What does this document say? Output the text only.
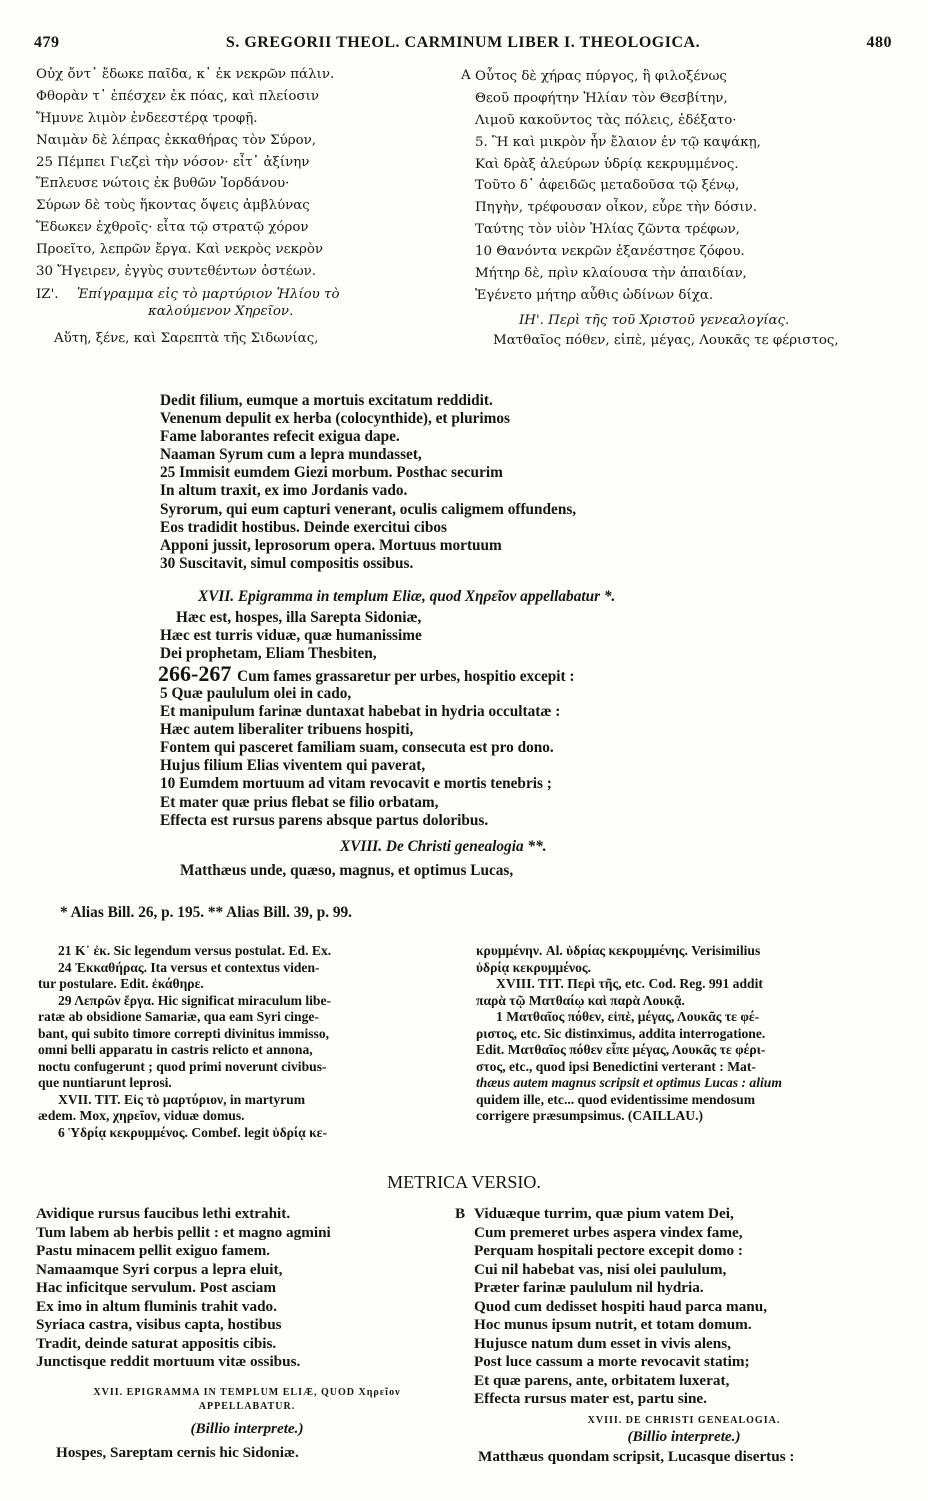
479	S. GREGORII THEOL. CARMINUM LIBER I. THEOLOGICA.	480
Οὐχ ὄντ᾽ ἔδωκε παῖδα, κ᾽ ἐκ νεκρῶν πάλιν.
Φθορὰν τ᾽ ἐπέσχεν ἐκ πόας, καὶ πλείοσιν
Ἤμυνε λιμὸν ἐνδεεστέρᾳ τροφῇ.
Ναιμὰν δὲ λέπρας ἐκκαθήρας τὸν Σύρον,
25 Πέμπει Γιεζεὶ τὴν νόσον· εἶτ᾽ ἀξίνην
Ἔπλευσε νώτοις ἐκ βυθῶν Ἰορδάνου·
Σύρων δὲ τοὺς ἥκοντας ὄψεις ἀμβλύνας
Ἔδωκεν ἐχθροῖς· εἶτα τῷ στρατῷ χόρον
Προεῖτο, λεπρῶν ἔργα. Καὶ νεκρὸς νεκρὸν
30 Ἤγειρεν, ἐγγὺς συντεθέντων ὀστέων.
ΙΖ'. Ἐπίγραμμα εἰς τὸ μαρτύριον Ἡλίου τὸ
καλούμενον Χηρεῖον.
Αὕτη, ξένε, καὶ Σαρεπτὰ τῆς Σιδωνίας,
A Οὗτος δὲ χήρας πύργος, ἣ φιλοξένως
Θεοῦ προφήτην Ἠλίαν τὸν Θεσβίτην,
Λιμοῦ κακοῦντος τὰς πόλεις, ἐδέξατο·
5. Ἣ καὶ μικρὸν ἦν ἔλαιον ἐν τῷ καψάκῃ,
Καὶ δρὰξ ἀλεύρων ὑδρίᾳ κεκρυμμένος.
Τοῦτο δ᾽ ἀφειδῶς μεταδοῦσα τῷ ξένῳ,
Πηγὴν, τρέφουσαν οἶκον, εὗρε τὴν δόσιν.
Ταύτης τὸν υἱὸν Ἠλίας ζῶντα τρέφων,
10 Θανόντα νεκρῶν ἐξανέστησε ζόφου.
Μήτηρ δὲ, πρὶν κλαίουσα τὴν ἀπαιδίαν,
Ἐγένετο μήτηρ αὖθις ὠδίνων δίχα.
ΙΗ'. Περὶ τῆς τοῦ Χριστοῦ γενεαλογίας.
Ματθαῖος πόθεν, εἰπὲ, μέγας, Λουκᾶς τε φέριστος,
Dedit filium, eumque a mortuis excitatum reddidit.
Venenum depulit ex herba (colocynthide), et plurimos
Fame laborantes refecit exigua dape.
Naaman Syrum cum a lepra mundasset,
25 Immisit eumdem Giezi morbum. Posthac securim
In altum traxit, ex imo Jordanis vado.
Syrorum, qui eum capturi venerant, oculis caligmem offundens,
Eos tradidit hostibus. Deinde exercitui cibos
Apponi jussit, leprosorum opera. Mortuus mortuum
30 Suscitavit, simul compositis ossibus.
XVII. Epigramma in templum Eliæ, quod Χηρεῖον appellabatur *.
Hæc est, hospes, illa Sarepta Sidoniæ,
Hæc est turris viduæ, quæ humanissime
Dei prophetam, Eliam Thesbiten,
266-267 Cum fames grassaretur per urbes, hospitio excepit :
5 Quæ paululum olei in cado,
Et manipulum farinæ duntaxat habebat in hydria occultatæ :
Hæc autem liberaliter tribuens hospiti,
Fontem qui pasceret familiam suam, consecuta est pro dono.
Hujus filium Elias viventem qui paverat,
10 Eumdem mortuum ad vitam revocavit e mortis tenebris ;
Et mater quæ prius flebat se filio orbatam,
Effecta est rursus parens absque partus doloribus.
XVIII. De Christi genealogia **.
Matthæus unde, quæso, magnus, et optimus Lucas,
* Alias Bill. 26, p. 195. ** Alias Bill. 39, p. 99.
21 Κ᾽ ἐκ. Sic legendum versus postulat. Ed. Ex.
24 Ἐκκαθήρας. Ita versus et contextus viden-
tur postulare. Edit. ἐκάθηρε.
29 Λεπρῶν ἔργα. Hic significat miraculum libe-
ratæ ab obsidione Samariæ, qua eam Syri cinge-
bant, qui subito timore correpti divinitus immisso,
omni belli apparatu in castris relicto et annona,
noctu confugerunt ; quod primi noverunt civibus-
que nuntiarunt leprosi.
XVII. TIT. Εἰς τὸ μαρτύριον, in martyrum
ædem. Mox, χηρεῖον, viduæ domus.
6 Ὑδρίᾳ κεκρυμμένος. Combef. legit ὑδρίᾳ κε-
κρυμμένην. Al. ὑδρίας κεκρυμμένης. Verisimilius
ὑδρίᾳ κεκρυμμένος.
XVIII. TIT. Περὶ τῆς, etc. Cod. Reg. 991 addit
παρὰ τῷ Ματθαίῳ καὶ παρὰ Λουκᾷ.
1 Ματθαῖος πόθεν, εἰπὲ, μέγας, Λουκᾶς τε φέ-
ριστος, etc. Sic distinximus, addita interrogatione.
Edit. Ματθαῖος πόθεν εἶπε μέγας, Λουκᾶς τε φέρι-
στος, etc., quod ipsi Benedictini verterant : Mat-
thæus autem magnus scripsit et optimus Lucas : alium
quidem ille, etc... quod evidentissime mendosum
corrigere præsumpsimus. (CAILLAU.)
METRICA VERSIO.
Avidique rursus faucibus lethi extrahit.
Tum labem ab herbis pellit : et magno agmini
Pastu minacem pellit exiguo famem.
Namaamque Syri corpus a lepra eluit,
Hac inficitque servulum. Post asciam
Ex imo in altum fluminis trahit vado.
Syriaca castra, visibus capta, hostibus
Tradit, deinde saturat appositis cibis.
Junctisque reddit mortuum vitæ ossibus.
XVII. EPIGRAMMA IN TEMPLUM ELIÆ, QUOD Χηρεῖον
APPELLABATUR.
(Billio interprete.)
Hospes, Sareptam cernis hic Sidoniæ.
B Viduæque turrim, quæ pium vatem Dei,
Cum premeret urbes aspera vindex fame,
Perquam hospitali pectore excepit domo :
Cui nil habebat vas, nisi olei paululum,
Præter farinæ paululum nil hydria.
Quod cum dedisset hospiti haud parca manu,
Hoc munus ipsum nutrit, et totam domum.
Hujusce natum dum esset in vivis alens,
Post luce cassum a morte revocavit statim;
Et quæ parens, ante, orbitatem luxerat,
Effecta rursus mater est, partu sine.
XVIII. DE CHRISTI GENEALOGIA.
(Billio interprete.)
Matthæus quondam scripsit, Lucasque disertus :
